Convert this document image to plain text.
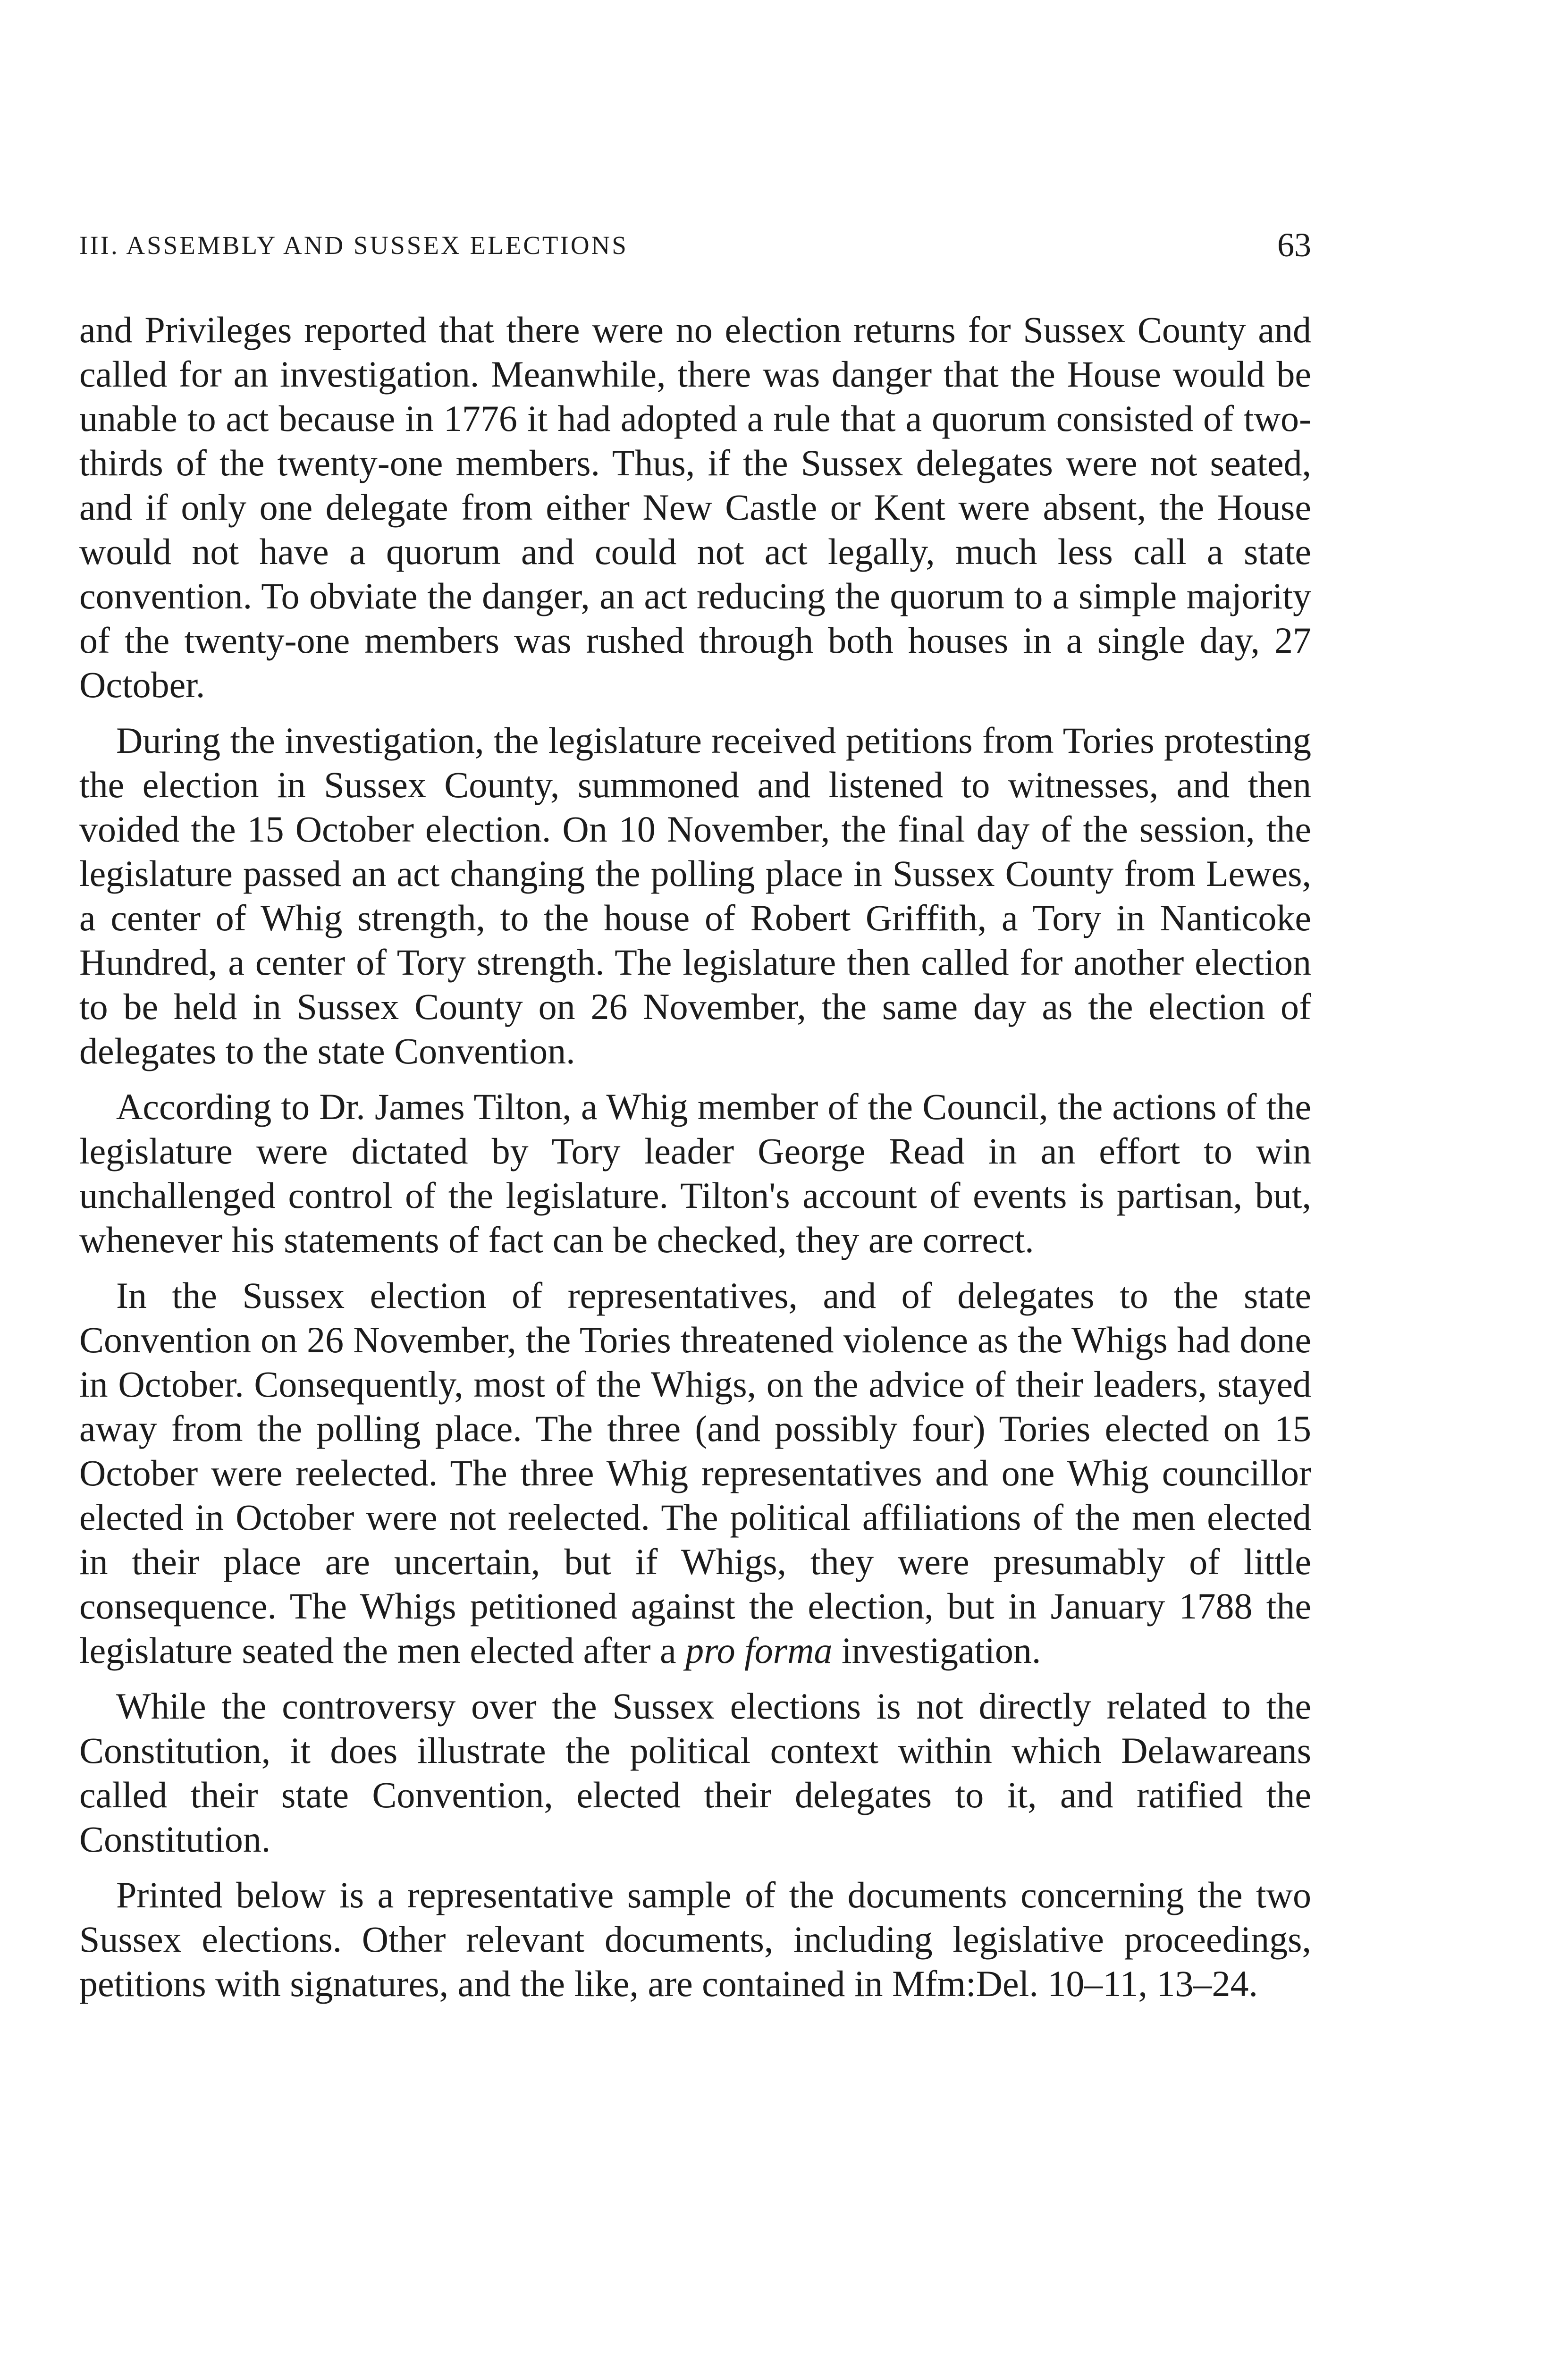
III. ASSEMBLY AND SUSSEX ELECTIONS	63

and Privileges reported that there were no election returns for Sussex County and called for an investigation. Meanwhile, there was danger that the House would be unable to act because in 1776 it had adopted a rule that a quorum consisted of two-thirds of the twenty-one members. Thus, if the Sussex delegates were not seated, and if only one delegate from either New Castle or Kent were absent, the House would not have a quorum and could not act legally, much less call a state convention. To obviate the danger, an act reducing the quorum to a simple majority of the twenty-one members was rushed through both houses in a single day, 27 October.

During the investigation, the legislature received petitions from Tories protesting the election in Sussex County, summoned and listened to witnesses, and then voided the 15 October election. On 10 November, the final day of the session, the legislature passed an act changing the polling place in Sussex County from Lewes, a center of Whig strength, to the house of Robert Griffith, a Tory in Nanticoke Hundred, a center of Tory strength. The legislature then called for another election to be held in Sussex County on 26 November, the same day as the election of delegates to the state Convention.

According to Dr. James Tilton, a Whig member of the Council, the actions of the legislature were dictated by Tory leader George Read in an effort to win unchallenged control of the legislature. Tilton's account of events is partisan, but, whenever his statements of fact can be checked, they are correct.

In the Sussex election of representatives, and of delegates to the state Convention on 26 November, the Tories threatened violence as the Whigs had done in October. Consequently, most of the Whigs, on the advice of their leaders, stayed away from the polling place. The three (and possibly four) Tories elected on 15 October were reelected. The three Whig representatives and one Whig councillor elected in October were not reelected. The political affiliations of the men elected in their place are uncertain, but if Whigs, they were presumably of little consequence. The Whigs petitioned against the election, but in January 1788 the legislature seated the men elected after a pro forma investigation.

While the controversy over the Sussex elections is not directly related to the Constitution, it does illustrate the political context within which Delawareans called their state Convention, elected their delegates to it, and ratified the Constitution.

Printed below is a representative sample of the documents concerning the two Sussex elections. Other relevant documents, including legislative proceedings, petitions with signatures, and the like, are contained in Mfm:Del. 10–11, 13–24.
